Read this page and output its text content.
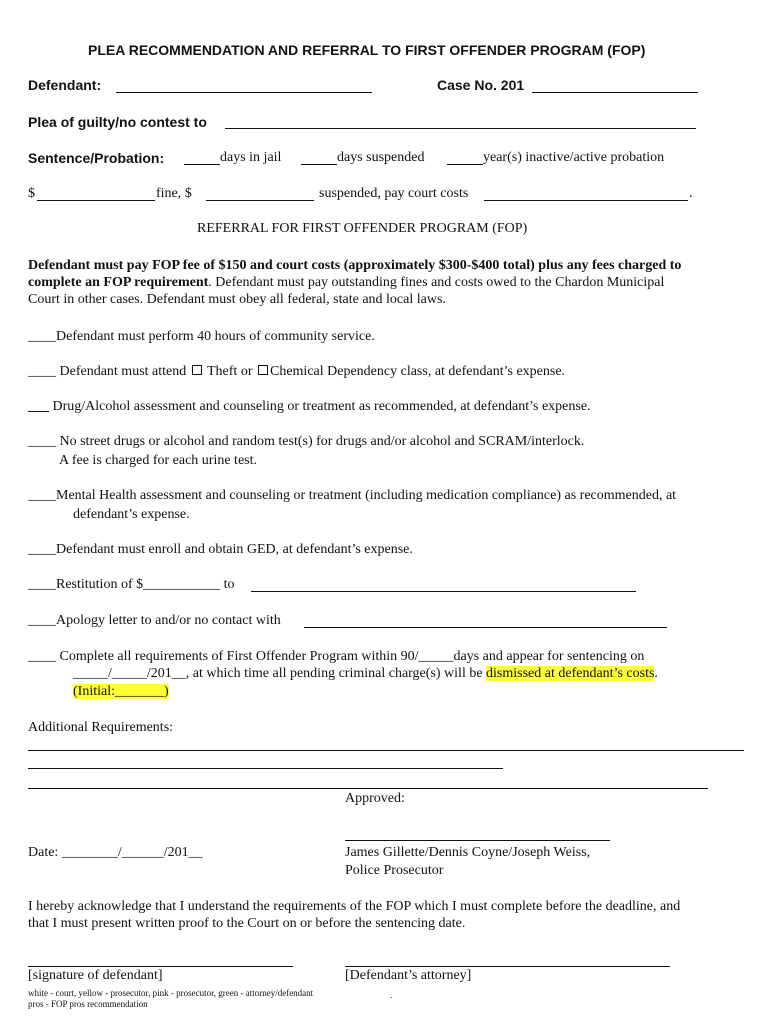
PLEA RECOMMENDATION AND REFERRAL TO FIRST OFFENDER PROGRAM (FOP)
Defendant:	Case No. 201
Plea of guilty/no contest to
Sentence/Probation:	days in jail	days suspended	year(s) inactive/active probation
$	fine, $	suspended, pay court costs	.
REFERRAL FOR FIRST OFFENDER PROGRAM (FOP)
Defendant must pay FOP fee of $150 and court costs (approximately $300-$400 total) plus any fees charged to
complete an FOP requirement. Defendant must pay outstanding fines and costs owed to the Chardon Municipal
Court in other cases. Defendant must obey all federal, state and local laws.
____Defendant must perform 40 hours of community service.
____ Defendant must attend Theft or Chemical Dependency class, at defendant’s expense.
___ Drug/Alcohol assessment and counseling or treatment as recommended, at defendant’s expense.
____ No street drugs or alcohol and random test(s) for drugs and/or alcohol and SCRAM/interlock.
A fee is charged for each urine test.
____Mental Health assessment and counseling or treatment (including medication compliance) as recommended, at
defendant’s expense.
____Defendant must enroll and obtain GED, at defendant’s expense.
____Restitution of $___________ to
____Apology letter to and/or no contact with
____ Complete all requirements of First Offender Program within 90/_____days and appear for sentencing on
_____/_____/201__, at which time all pending criminal charge(s) will be dismissed at defendant’s costs.
(Initial:_______)
Additional Requirements:
Approved:
Date: ________/______/201__	James Gillette/Dennis Coyne/Joseph Weiss,
Police Prosecutor
I hereby acknowledge that I understand the requirements of the FOP which I must complete before the deadline, and
that I must present written proof to the Court on or before the sentencing date.
[signature of defendant]	[Defendant’s attorney]
white - court, yellow - prosecutor, pink - prosecutor, green - attorney/defendant	.
pros - FOP pros recommendation
